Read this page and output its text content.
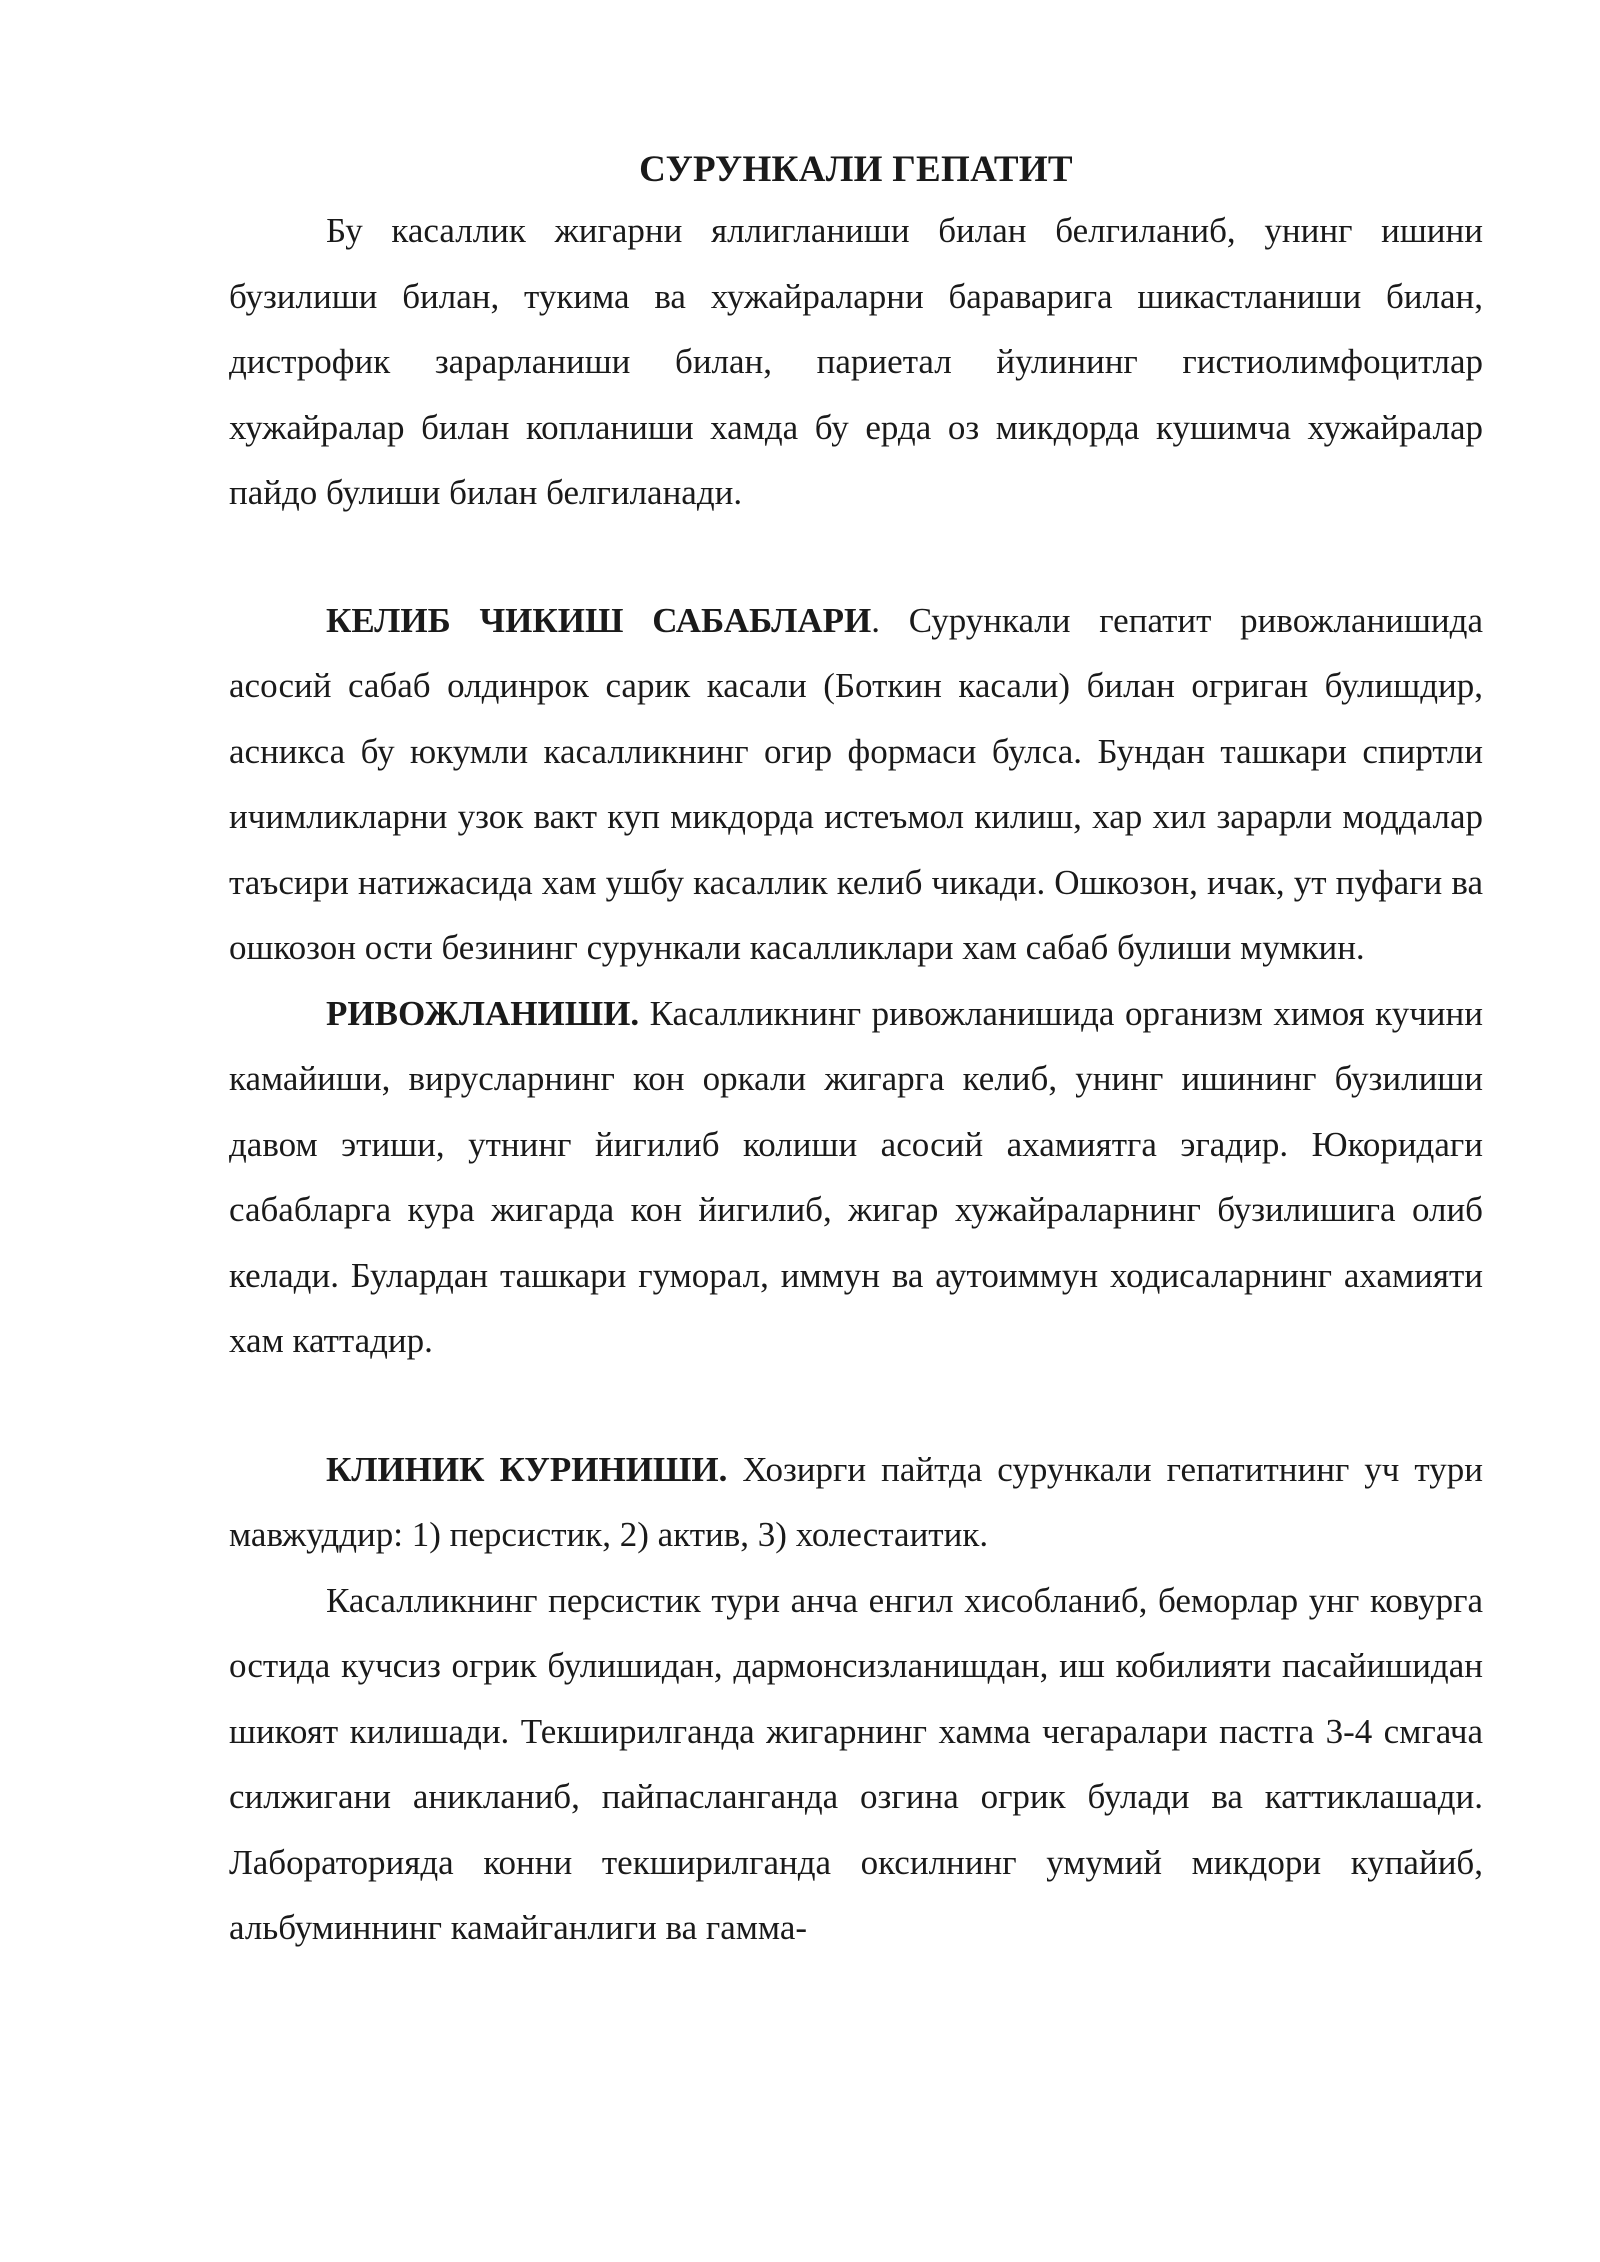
СУРУНКАЛИ ГЕПАТИТ

Бу касаллик жигарни яллигланиши билан белгиланиб, унинг ишини бузилиши билан, тукима ва хужайраларни бараварига шикастланиши билан, дистрофик зарарланиши билан, париетал йулининг гистиолимфоцитлар хужайралар билан копланиши хамда бу ерда оз микдорда кушимча хужайралар пайдо булиши билан белгиланади.

КЕЛИБ ЧИКИШ САБАБЛАРИ. Сурункали гепатит ривожланишида асосий сабаб олдинрок сарик касали (Боткин касали) билан огриган булишдир, асникса бу юкумли касалликнинг огир формаси булса. Бундан ташкари спиртли ичимликларни узок вакт куп микдорда истеъмол килиш, хар хил зарарли моддалар таъсири натижасида хам ушбу касаллик келиб чикади. Ошкозон, ичак, ут пуфаги ва ошкозон ости безининг сурункали касалликлари хам сабаб булиши мумкин.

РИВОЖЛАНИШИ. Касалликнинг ривожланишида организм химоя кучини камайиши, вирусларнинг кон оркали жигарга келиб, унинг ишининг бузилиши давом этиши, утнинг йигилиб колиши асосий ахамиятга эгадир. Юкоридаги сабабларга кура жигарда кон йигилиб, жигар хужайраларнинг бузилишига олиб келади. Булардан ташкари гуморал, иммун ва аутоиммун ходисаларнинг ахамияти хам каттадир.

КЛИНИК КУРИНИШИ. Хозирги пайтда сурункали гепатитнинг уч тури мавжуддир: 1) персистик, 2) актив, 3) холестаитик.

Касалликнинг персистик тури анча енгил хисобланиб, беморлар унг ковурга остида кучсиз огрик булишидан, дармонсизланишдан, иш кобилияти пасайишидан шикоят килишади. Текширилганда жигарнинг хамма чегаралари пастга 3-4 смгача силжигани аникланиб, пайпасланганда озгина огрик булади ва каттиклашади. Лабораторияда конни текширилганда оксилнинг умумий микдори купайиб, альбуминнинг камайганлиги ва гамма-
